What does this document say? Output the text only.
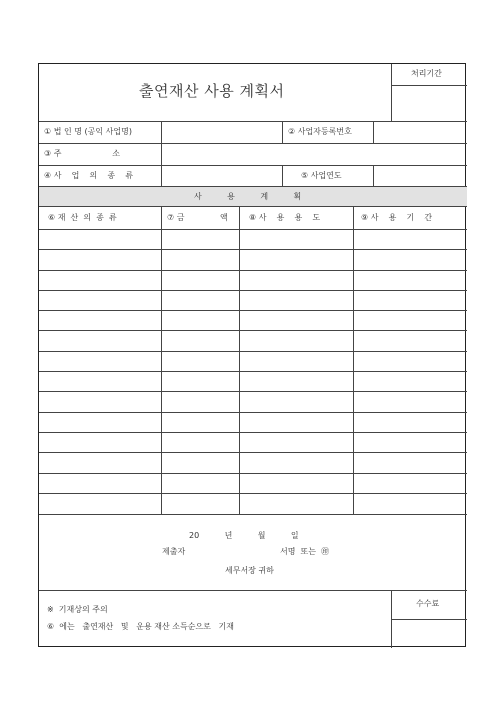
출연재산 사용 계획서
처리기간
① 법 인 명 (공익 사업명)	② 사업자등록번호
③ 주                    소
④ 사    업    의    종    류	⑤ 사업연도
사          용          계          획
⑥ 재  산  의  종  류	⑦ 금              액	⑧ 사    용    용    도	⑨ 사    용    기    간
20          년          월          일
제출자	서명  또는  ㊞
세무서장 귀하
※  기재상의 주의
⑥  에는   출연재산   및   운용 재산 소득순으로   기재
수수료
